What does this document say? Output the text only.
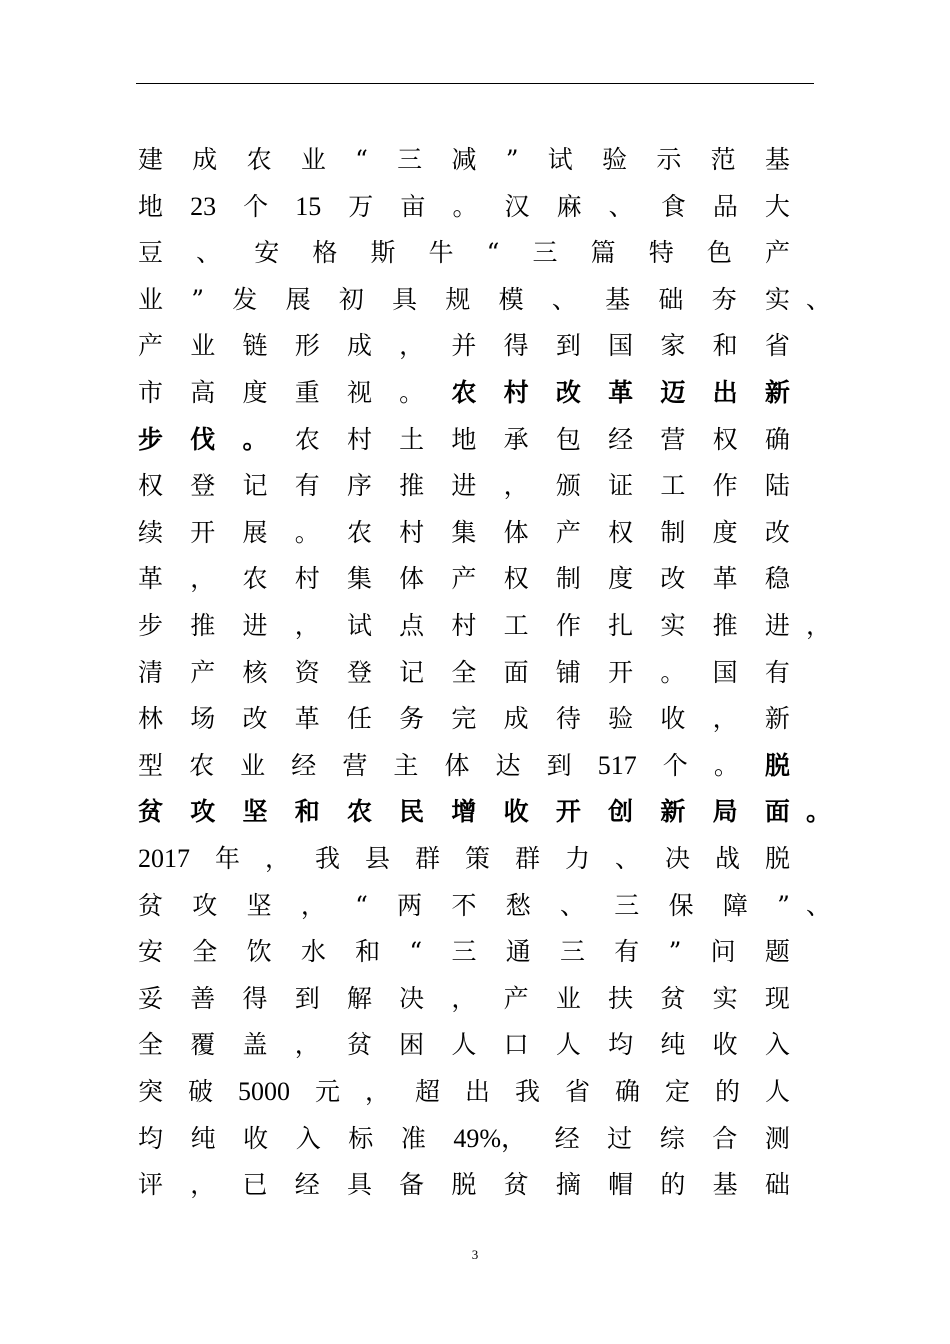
建 成 农 业 “ 三 减 ” 试 验 示 范 基
地 23 个 15 万 亩 。 汉 麻 、 食 品 大
豆 、 安 格 斯 牛 “ 三 篇 特 色 产
业 ” 发 展 初 具 规 模 、 基 础 夯 实
产 业 链 形 成 ， 并 得 到 国 家 和 省
市 高 度 重 视 。 农 村 改 革 迈 出 新
步 伐 。 农 村 土 地 承 包 经 营 权 确
权 登 记 有 序 推 进 ， 颁 证 工 作 陆
续 开 展 。 农 村 集 体 产 权 制 度 改
革 ， 农 村 集 体 产 权 制 度 改 革 稳
步 推 进 ， 试 点 村 工 作 扎 实 推 进
清 产 核 资 登 记 全 面 铺 开 。 国 有
林 场 改 革 任 务 完 成 待 验 收 ， 新
型 农 业 经 营 主 体 达 到 517 个 。 脱
贫 攻 坚 和 农 民 增 收 开 创 新 局 面
2017 年 ， 我 县 群 策 群 力 、 决 战 脱
贫 攻 坚 ， “ 两 不 愁 、 三 保 障 ”
安 全 饮 水 和 “ 三 通 三 有 ” 问 题
妥 善 得 到 解 决 ， 产 业 扶 贫 实 现
全 覆 盖 ， 贫 困 人 口 人 均 纯 收 入
突 破 5000 元 ， 超 出 我 省 确 定 的 人
均 纯 收 入 标 准 49%， 经 过 综 合 测
评 ， 已 经 具 备 脱 贫 摘 帽 的 基 础
、
，
。
、
3
